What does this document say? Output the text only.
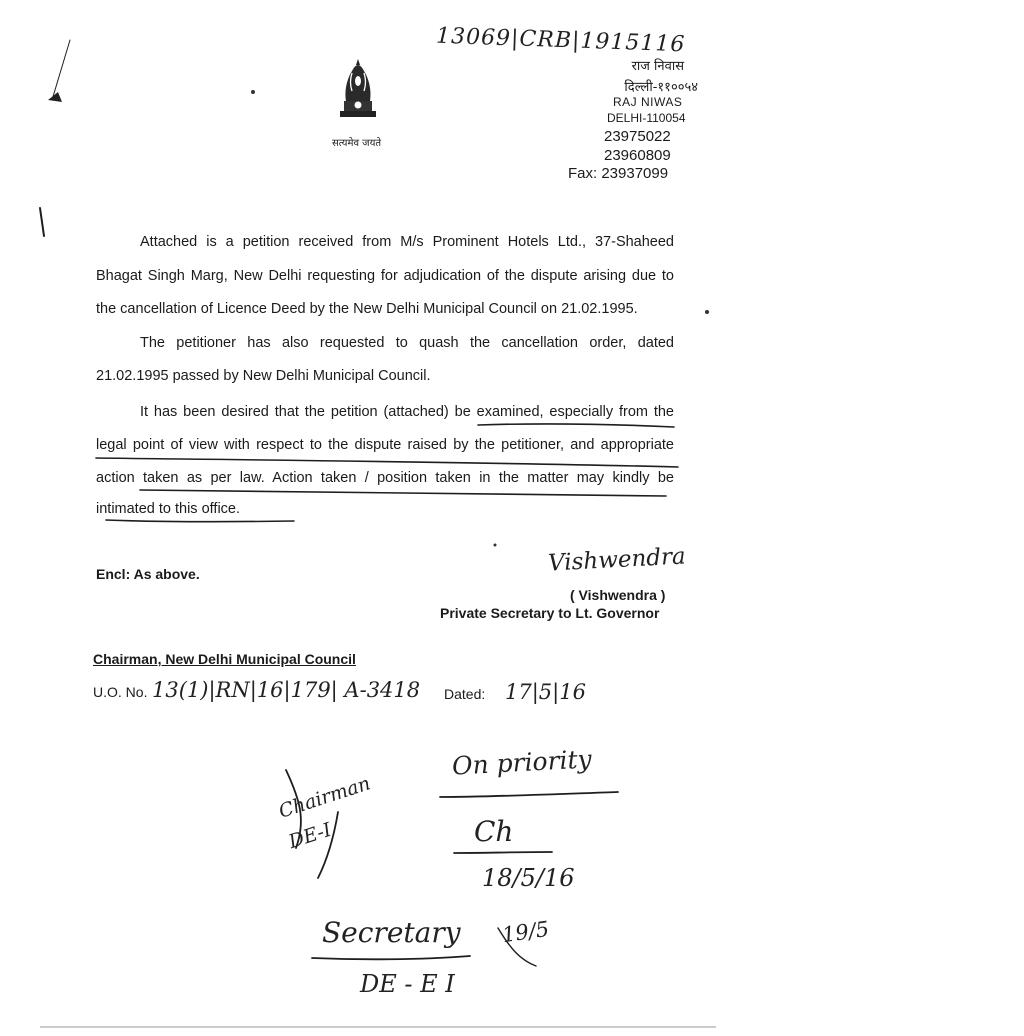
13069|CRB|1915116
सत्यमेव जयते
राज निवास
दिल्ली-११००५४
RAJ NIWAS
DELHI-110054
23975022
23960809
Fax: 23937099
Attached is a petition received from M/s Prominent Hotels Ltd., 37-Shaheed
Bhagat Singh Marg, New Delhi requesting for adjudication of the dispute arising due to
the cancellation of Licence Deed by the New Delhi Municipal Council on 21.02.1995.
The petitioner has also requested to quash the cancellation order, dated
21.02.1995 passed by New Delhi Municipal Council.
It has been desired that the petition (attached) be examined, especially from the
legal point of view with respect to the dispute raised by the petitioner, and appropriate
action taken as per law. Action taken / position taken in the matter may kindly be
intimated to this office.
Encl: As above.	Vishwendra
( Vishwendra )
Private Secretary to Lt. Governor
Chairman, New Delhi Municipal Council
U.O. No. 13(1)|RN|16|179| A-3418 Dated: 17|5|16
Chairman DE-I
On priority
Ch
18/5/16
Secretary 19/5
DE - E I
